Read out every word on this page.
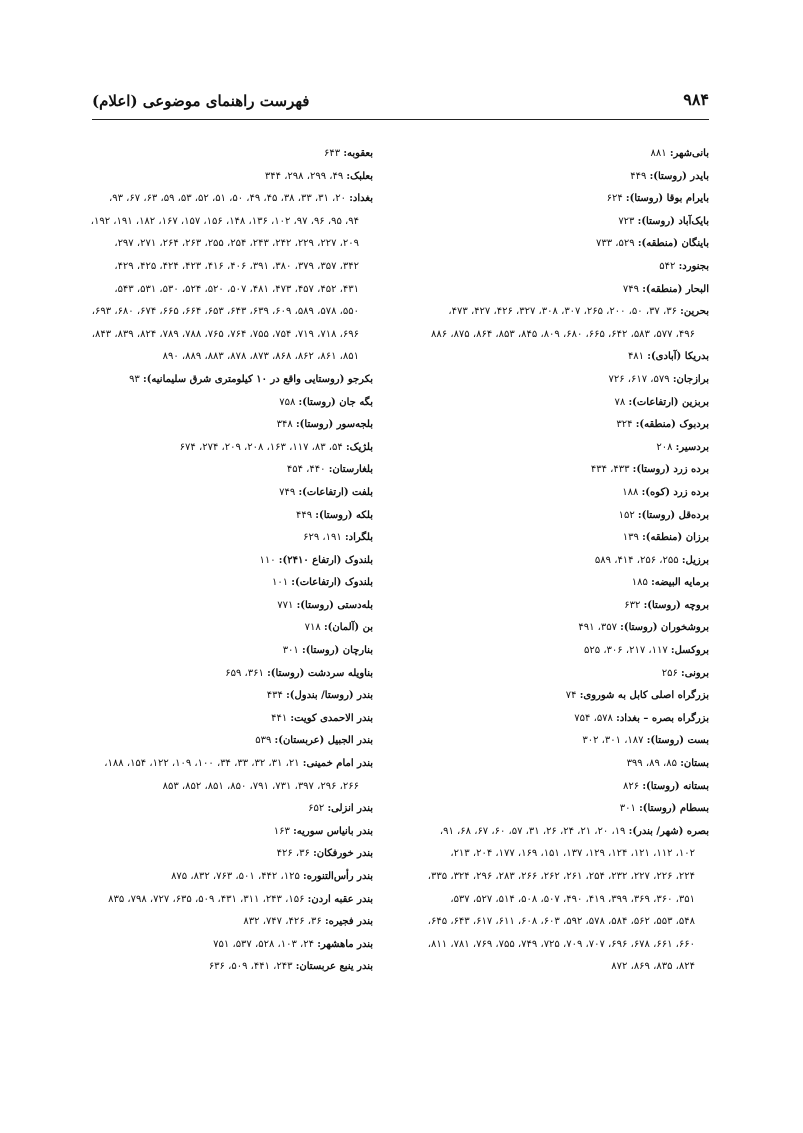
۹۸۴
فهرست راهنمای موضوعی (اعلام)
بانی‌شهر: ۸۸۱
بایدر (روستا): ۴۴۹
بایرام بوقا (روستا): ۶۲۴
بایک‌آباد (روستا): ۷۲۳
باینگان (منطقه): ۵۲۹، ۷۳۳
بجنورد: ۵۴۲
البحار (منطقه): ۷۴۹
بحرین: ۳۶، ۳۷، ۵۰، ۲۰۰، ۲۶۵، ۳۰۷، ۳۰۸، ۳۲۷، ۴۲۶، ۴۲۷، ۴۷۳،
۴۹۶، ۵۷۷، ۵۸۳، ۶۴۲، ۶۶۵، ۶۸۰، ۸۰۹، ۸۴۵، ۸۵۳، ۸۶۴، ۸۷۵، ۸۸۶
بدریکا (آبادی): ۴۸۱
برازجان: ۵۷۹، ۶۱۷، ۷۲۶
بربزین (ارتفاعات): ۷۸
بردبوک (منطقه): ۳۲۴
بردسیر: ۲۰۸
برده زرد (روستا): ۴۳۳، ۴۳۴
برده زرد (کوه): ۱۸۸
برده‌قل (روستا): ۱۵۲
برزان (منطقه): ۱۳۹
برزیل: ۲۵۵، ۲۵۶، ۴۱۴، ۵۸۹
برمایه البیضه: ۱۸۵
بروچه (روستا): ۶۳۲
بروشخوران (روستا): ۳۵۷، ۴۹۱
بروکسل: ۱۱۷، ۲۱۷، ۳۰۶، ۵۲۵
برونی: ۲۵۶
بزرگراه اصلی کابل به شوروی: ۷۴
بزرگراه بصره – بغداد: ۵۷۸، ۷۵۴
بست (روستا): ۱۸۷، ۳۰۱، ۳۰۲
بستان: ۸۵، ۸۹، ۳۹۹
بستانه (روستا): ۸۲۶
بسطام (روستا): ۳۰۱
بصره (شهر/ بندر): ۱۹، ۲۰، ۲۱، ۲۴، ۲۶، ۳۱، ۵۷، ۶۰، ۶۷، ۶۸، ۹۱،
۱۰۲، ۱۱۲، ۱۲۱، ۱۲۴، ۱۲۹، ۱۳۷، ۱۵۱، ۱۶۹، ۱۷۷، ۲۰۴، ۲۱۳،
۲۲۴، ۲۲۶، ۲۲۷، ۲۳۲، ۲۵۴، ۲۶۱، ۲۶۲، ۲۶۶، ۲۸۳، ۲۹۶، ۳۲۴، ۳۳۵،
۳۵۱، ۳۶۰، ۳۶۹، ۳۹۹، ۴۱۹، ۴۹۰، ۵۰۷، ۵۰۸، ۵۱۴، ۵۲۷، ۵۳۷،
۵۴۸، ۵۵۳، ۵۶۲، ۵۸۴، ۵۷۸، ۵۹۲، ۶۰۳، ۶۰۸، ۶۱۱، ۶۱۷، ۶۴۳، ۶۴۵،
۶۶۰، ۶۶۱، ۶۷۸، ۶۹۶، ۷۰۷، ۷۰۹، ۷۲۵، ۷۴۹، ۷۵۵، ۷۶۹، ۷۸۱، ۸۱۱،
۸۲۴، ۸۳۵، ۸۶۹، ۸۷۲
بعقوبه: ۶۴۳
بعلبک: ۴۹، ۲۹۹، ۲۹۸، ۳۴۴
بغداد: ۲۰، ۳۱، ۳۳، ۳۸، ۴۵، ۴۹، ۵۰، ۵۱، ۵۲، ۵۳، ۵۹، ۶۳، ۶۷، ۹۳،
۹۴، ۹۵، ۹۶، ۹۷، ۱۰۲، ۱۳۶، ۱۴۸، ۱۵۶، ۱۵۷، ۱۶۷، ۱۸۲، ۱۹۱، ۱۹۲،
۲۰۹، ۲۲۷، ۲۲۹، ۲۴۲، ۲۴۳، ۲۵۴، ۲۵۵، ۲۶۳، ۲۶۴، ۲۷۱، ۲۹۷،
۳۴۲، ۳۵۷، ۳۷۹، ۳۸۰، ۳۹۱، ۴۰۶، ۴۱۶، ۴۲۳، ۴۲۴، ۴۲۵، ۴۲۹،
۴۳۱، ۴۵۲، ۴۵۷، ۴۷۳، ۴۸۱، ۵۰۷، ۵۲۰، ۵۲۴، ۵۳۰، ۵۳۱، ۵۴۳،
۵۵۰، ۵۷۸، ۵۸۹، ۶۰۹، ۶۳۹، ۶۴۳، ۶۵۳، ۶۶۴، ۶۶۵، ۶۷۴، ۶۸۰، ۶۹۳،
۶۹۶، ۷۱۸، ۷۱۹، ۷۵۴، ۷۵۵، ۷۶۴، ۷۶۵، ۷۸۸، ۷۸۹، ۸۲۴، ۸۳۹، ۸۴۳،
۸۵۱، ۸۶۱، ۸۶۲، ۸۶۸، ۸۷۳، ۸۷۸، ۸۸۳، ۸۸۹، ۸۹۰
بکرجو (روستایی واقع در ۱۰ کیلومتری شرق سلیمانیه): ۹۳
بگه جان (روستا): ۷۵۸
بلجه‌سور (روستا): ۳۴۸
بلژیک: ۵۴، ۸۳، ۱۱۷، ۱۶۳، ۲۰۸، ۲۰۹، ۲۷۴، ۶۷۴
بلغارستان: ۴۴۰، ۴۵۴
بلفت (ارتفاعات): ۷۴۹
بلکه (روستا): ۴۴۹
بلگراد: ۱۹۱، ۶۲۹
بلندوک (ارتفاع ۲۴۱۰): ۱۱۰
بلندوک (ارتفاعات): ۱۰۱
بله‌دستی (روستا): ۷۷۱
بن (آلمان): ۷۱۸
بنارچان (روستا): ۳۰۱
بناویله سردشت (روستا): ۳۶۱، ۶۵۹
بندر (روستا/ بندول): ۴۳۴
بندر الاحمدی کویت: ۴۴۱
بندر الجبیل (عربستان): ۵۳۹
بندر امام خمینی: ۲۱، ۳۱، ۳۲، ۳۳، ۳۴، ۱۰۰، ۱۰۹، ۱۲۲، ۱۵۴، ۱۸۸،
۲۶۶، ۲۹۶، ۳۹۷، ۷۳۱، ۷۹۱، ۸۵۰، ۸۵۱، ۸۵۲، ۸۵۳
بندر انزلی: ۶۵۲
بندر بانیاس سوریه: ۱۶۳
بندر خورفکان: ۳۶، ۴۲۶
بندر رأس‌التنوره: ۱۲۵، ۴۴۲، ۵۰۱، ۷۶۳، ۸۳۲، ۸۷۵
بندر عقبه اردن: ۱۵۶، ۲۴۳، ۳۱۱، ۴۳۱، ۵۰۹، ۶۳۵، ۷۲۷، ۷۹۸، ۸۳۵
بندر فجیره: ۳۶، ۴۲۶، ۷۴۷، ۸۳۲
بندر ماهشهر: ۲۴، ۱۰۳، ۵۲۸، ۵۳۷، ۷۵۱
بندر ینبع عربستان: ۲۴۳، ۴۴۱، ۵۰۹، ۶۳۶
